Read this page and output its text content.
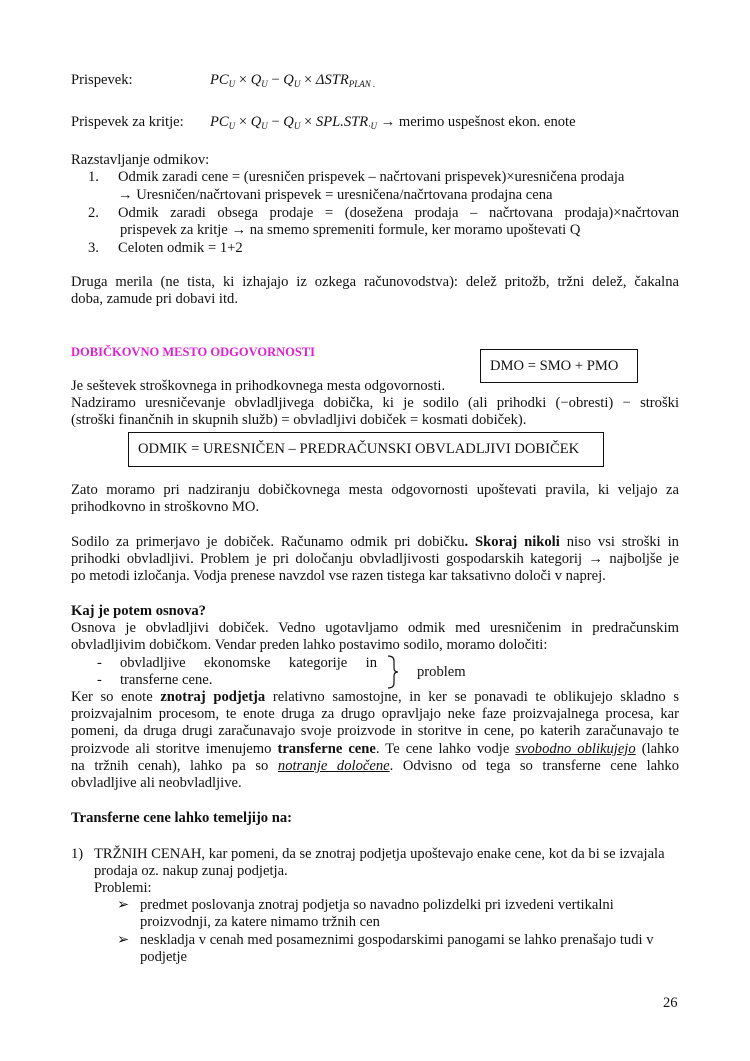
Prispevek:	$PC_U \times Q_U - Q_U \times \Delta STR_{PLAN .}$
Prispevek za kritje: $PC_U \times Q_U - Q_U \times SPL.STR_{\cdot U}$ → merimo uspešnost ekon. enote
Razstavljanje odmikov:
1. Odmik zaradi cene = (uresničen prispevek – načrtovani prispevek)×uresničena prodaja
→ Uresničen/načrtovani prispevek = uresničena/načrtovana prodajna cena
2. Odmik zaradi obsega prodaje = (dosežena prodaja – načrtovana prodaja)×načrtovan
prispevek za kritje → na smemo spremeniti formule, ker moramo upoštevati Q
3. Celoten odmik = 1+2
Druga merila (ne tista, ki izhajajo iz ozkega računovodstva): delež pritožb, tržni delež, čakalna
doba, zamude pri dobavi itd.
DOBIČKOVNO MESTO ODGOVORNOSTI
DMO = SMO + PMO
Je seštevek stroškovnega in prihodkovnega mesta odgovornosti.
Nadziramo uresničevanje obvladljivega dobička, ki je sodilo (ali prihodki (−obresti) − stroški
(stroški finančnih in skupnih služb) = obvladljivi dobiček = kosmati dobiček).
ODMIK = URESNIČEN – PREDRAČUNSKI OBVLADLJIVI DOBIČEK
Zato moramo pri nadziranju dobičkovnega mesta odgovornosti upoštevati pravila, ki veljajo za
prihodkovno in stroškovno MO.
Sodilo za primerjavo je dobiček. Računamo odmik pri dobičku. Skoraj nikoli niso vsi stroški in
prihodki obvladljivi. Problem je pri določanju obvladljivosti gospodarskih kategorij → najboljše je
po metodi izločanja. Vodja prenese navzdol vse razen tistega kar taksativno določi v naprej.
Kaj je potem osnova?
Osnova je obvladljivi dobiček. Vedno ugotavljamo odmik med uresničenim in predračunskim
obvladljivim dobičkom. Vendar preden lahko postavimo sodilo, moramo določiti:
- obvladljive ekonomske kategorije in
- transferne cene.	problem
Ker so enote znotraj podjetja relativno samostojne, in ker se ponavadi te oblikujejo skladno s
proizvajalnim procesom, te enote druga za drugo opravljajo neke faze proizvajalnega procesa, kar
pomeni, da druga drugi zaračunavajo svoje proizvode in storitve in cene, po katerih zaračunavajo te
proizvode ali storitve imenujemo transferne cene. Te cene lahko vodje svobodno oblikujejo (lahko
na tržnih cenah), lahko pa so notranje določene. Odvisno od tega so transferne cene lahko
obvladljive ali neobvladljive.
Transferne cene lahko temeljijo na:
1) TRŽNIH CENAH, kar pomeni, da se znotraj podjetja upoštevajo enake cene, kot da bi se izvajala
prodaja oz. nakup zunaj podjetja.
Problemi:
➢ predmet poslovanja znotraj podjetja so navadno polizdelki pri izvedeni vertikalni
proizvodnji, za katere nimamo tržnih cen
➢ neskladja v cenah med posameznimi gospodarskimi panogami se lahko prenašajo tudi v
podjetje
26
